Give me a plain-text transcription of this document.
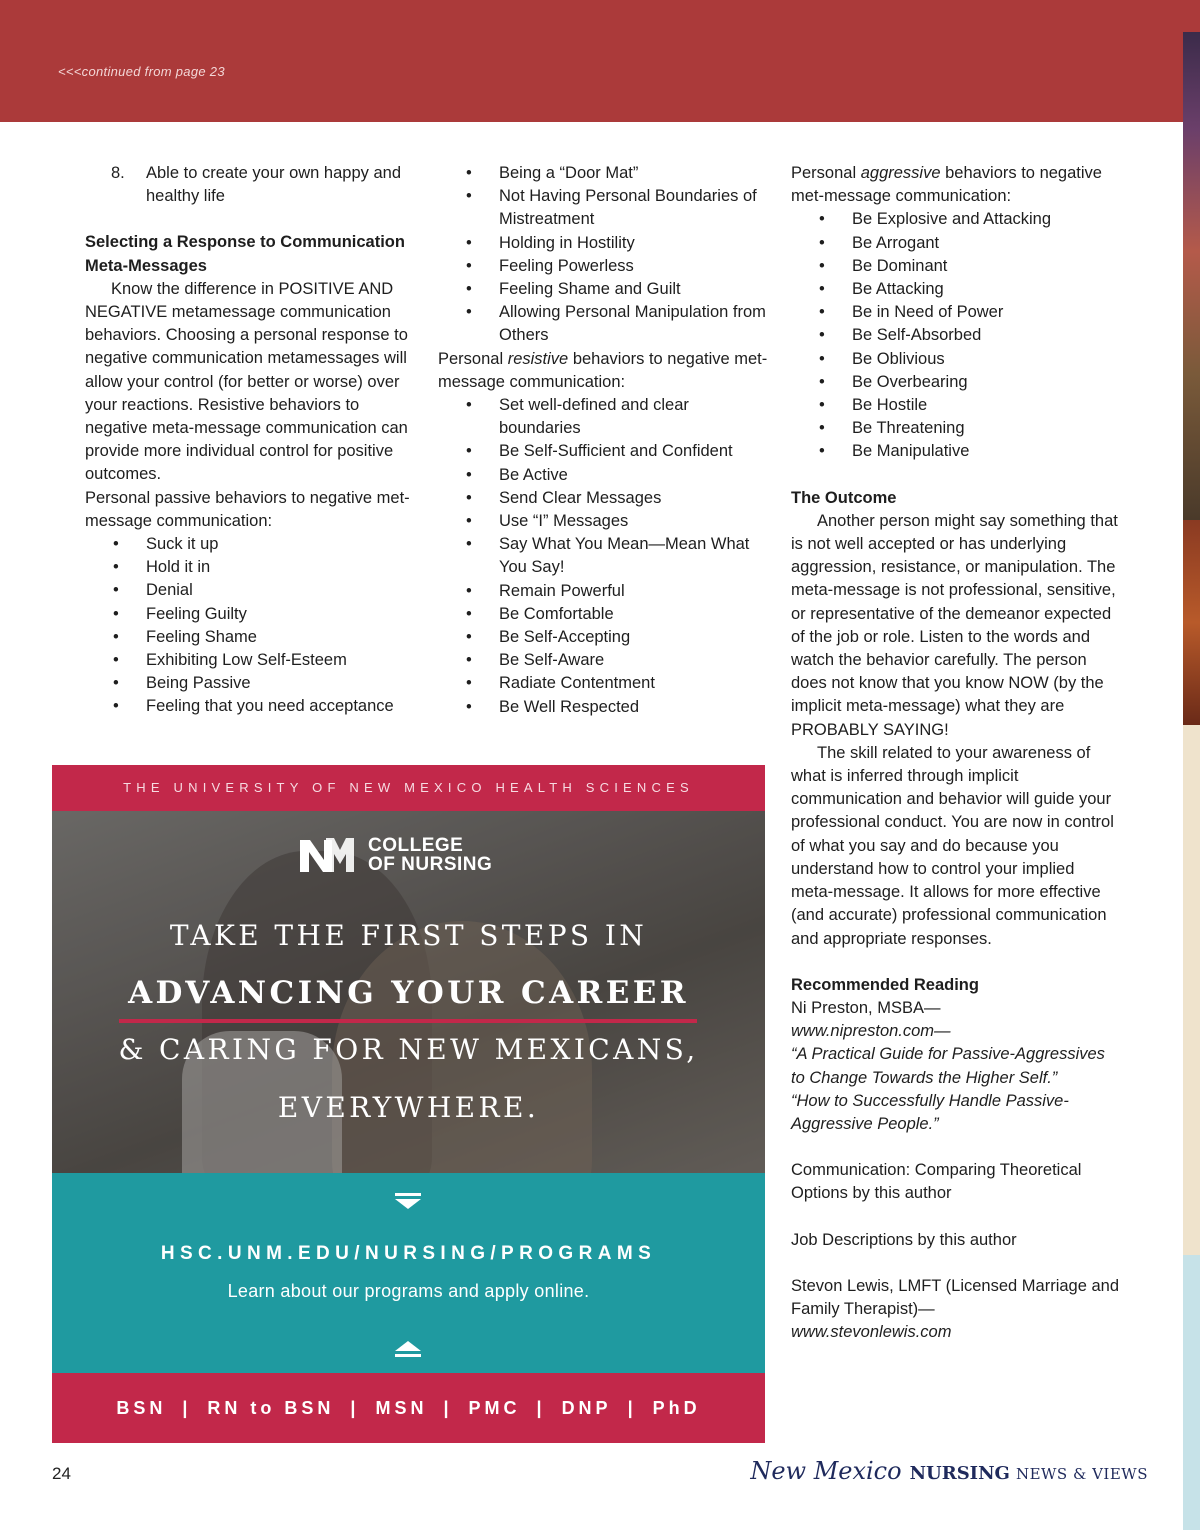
<<<continued from page 23
8. Able to create your own happy and healthy life

Selecting a Response to Communication Meta-Messages

Know the difference in POSITIVE AND NEGATIVE metamessage communication behaviors. Choosing a personal response to negative communication metamessages will allow your control (for better or worse) over your reactions. Resistive behaviors to negative meta-message communication can provide more individual control for positive outcomes.

Personal passive behaviors to negative met-message communication:

• Suck it up
• Hold it in
• Denial
• Feeling Guilty
• Feeling Shame
• Exhibiting Low Self-Esteem
• Being Passive
• Feeling that you need acceptance
• Being a “Door Mat”
• Not Having Personal Boundaries of Mistreatment
• Holding in Hostility
• Feeling Powerless
• Feeling Shame and Guilt
• Allowing Personal Manipulation from Others

Personal resistive behaviors to negative met-message communication:

• Set well-defined and clear boundaries
• Be Self-Sufficient and Confident
• Be Active
• Send Clear Messages
• Use “I” Messages
• Say What You Mean—Mean What You Say!
• Remain Powerful
• Be Comfortable
• Be Self-Accepting
• Be Self-Aware
• Radiate Contentment
• Be Well Respected

Personal aggressive behaviors to negative met-message communication:

• Be Explosive and Attacking
• Be Arrogant
• Be Dominant
• Be Attacking
• Be in Need of Power
• Be Self-Absorbed
• Be Oblivious
• Be Overbearing
• Be Hostile
• Be Threatening
• Be Manipulative

The Outcome

Another person might say something that is not well accepted or has underlying aggression, resistance, or manipulation. The meta-message is not professional, sensitive, or representative of the demeanor expected of the job or role. Listen to the words and watch the behavior carefully. The person does not know that you know NOW (by the implicit meta-message) what they are PROBABLY SAYING!

The skill related to your awareness of what is inferred through implicit communication and behavior will guide your professional conduct. You are now in control of what you say and do because you understand how to control your implied meta-message. It allows for more effective (and accurate) professional communication and appropriate responses.

Recommended Reading

Ni Preston, MSBA—

www.nipreston.com—

“A Practical Guide for Passive-Aggressives to Change Towards the Higher Self.”

“How to Successfully Handle Passive-Aggressive People.”

Communication: Comparing Theoretical Options by this author

Job Descriptions by this author

Stevon Lewis, LMFT (Licensed Marriage and Family Therapist)—

www.stevonlewis.com

THE UNIVERSITY OF NEW MEXICO HEALTH SCIENCES
COLLEGE
OF NURSING
TAKE THE FIRST STEPS IN
ADVANCING YOUR CAREER
& CARING FOR NEW MEXICANS,
EVERYWHERE.
HSC.UNM.EDU/NURSING/PROGRAMS
Learn about our programs and apply online.
BSN | RN to BSN | MSN | PMC | DNP | PhD
24	New Mexico NURSING NEWS & VIEWS
